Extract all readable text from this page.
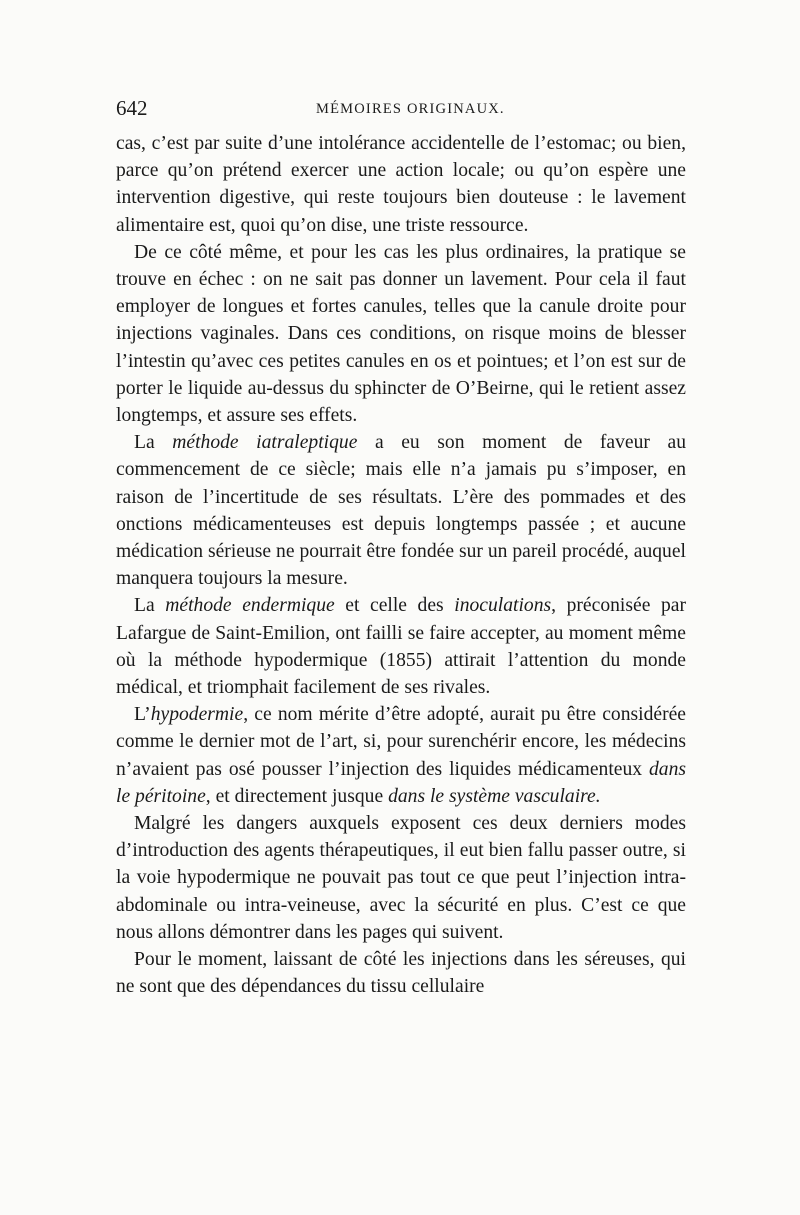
642	MÉMOIRES ORIGINAUX.

cas, c’est par suite d’une intolérance accidentelle de l’estomac; ou bien, parce qu’on prétend exercer une action locale; ou qu’on espère une intervention digestive, qui reste toujours bien douteuse : le lavement alimentaire est, quoi qu’on dise, une triste ressource.

De ce côté même, et pour les cas les plus ordinaires, la pratique se trouve en échec : on ne sait pas donner un lavement. Pour cela il faut employer de longues et fortes canules, telles que la canule droite pour injections vaginales. Dans ces conditions, on risque moins de blesser l’intestin qu’avec ces petites canules en os et pointues; et l’on est sur de porter le liquide au-dessus du sphincter de O’Beirne, qui le retient assez longtemps, et assure ses effets.

La méthode iatraleptique a eu son moment de faveur au commencement de ce siècle; mais elle n’a jamais pu s’imposer, en raison de l’incertitude de ses résultats. L’ère des pommades et des onctions médicamenteuses est depuis longtemps passée ; et aucune médication sérieuse ne pourrait être fondée sur un pareil procédé, auquel manquera toujours la mesure.

La méthode endermique et celle des inoculations, préconisée par Lafargue de Saint-Emilion, ont failli se faire accepter, au moment même où la méthode hypodermique (1855) attirait l’attention du monde médical, et triomphait facilement de ses rivales.

L’hypodermie, ce nom mérite d’être adopté, aurait pu être considérée comme le dernier mot de l’art, si, pour surenchérir encore, les médecins n’avaient pas osé pousser l’injection des liquides médicamenteux dans le péritoine, et directement jusque dans le système vasculaire.

Malgré les dangers auxquels exposent ces deux derniers modes d’introduction des agents thérapeutiques, il eut bien fallu passer outre, si la voie hypodermique ne pouvait pas tout ce que peut l’injection intra-abdominale ou intra-veineuse, avec la sécurité en plus. C’est ce que nous allons démontrer dans les pages qui suivent.

Pour le moment, laissant de côté les injections dans les séreuses, qui ne sont que des dépendances du tissu cellulaire
